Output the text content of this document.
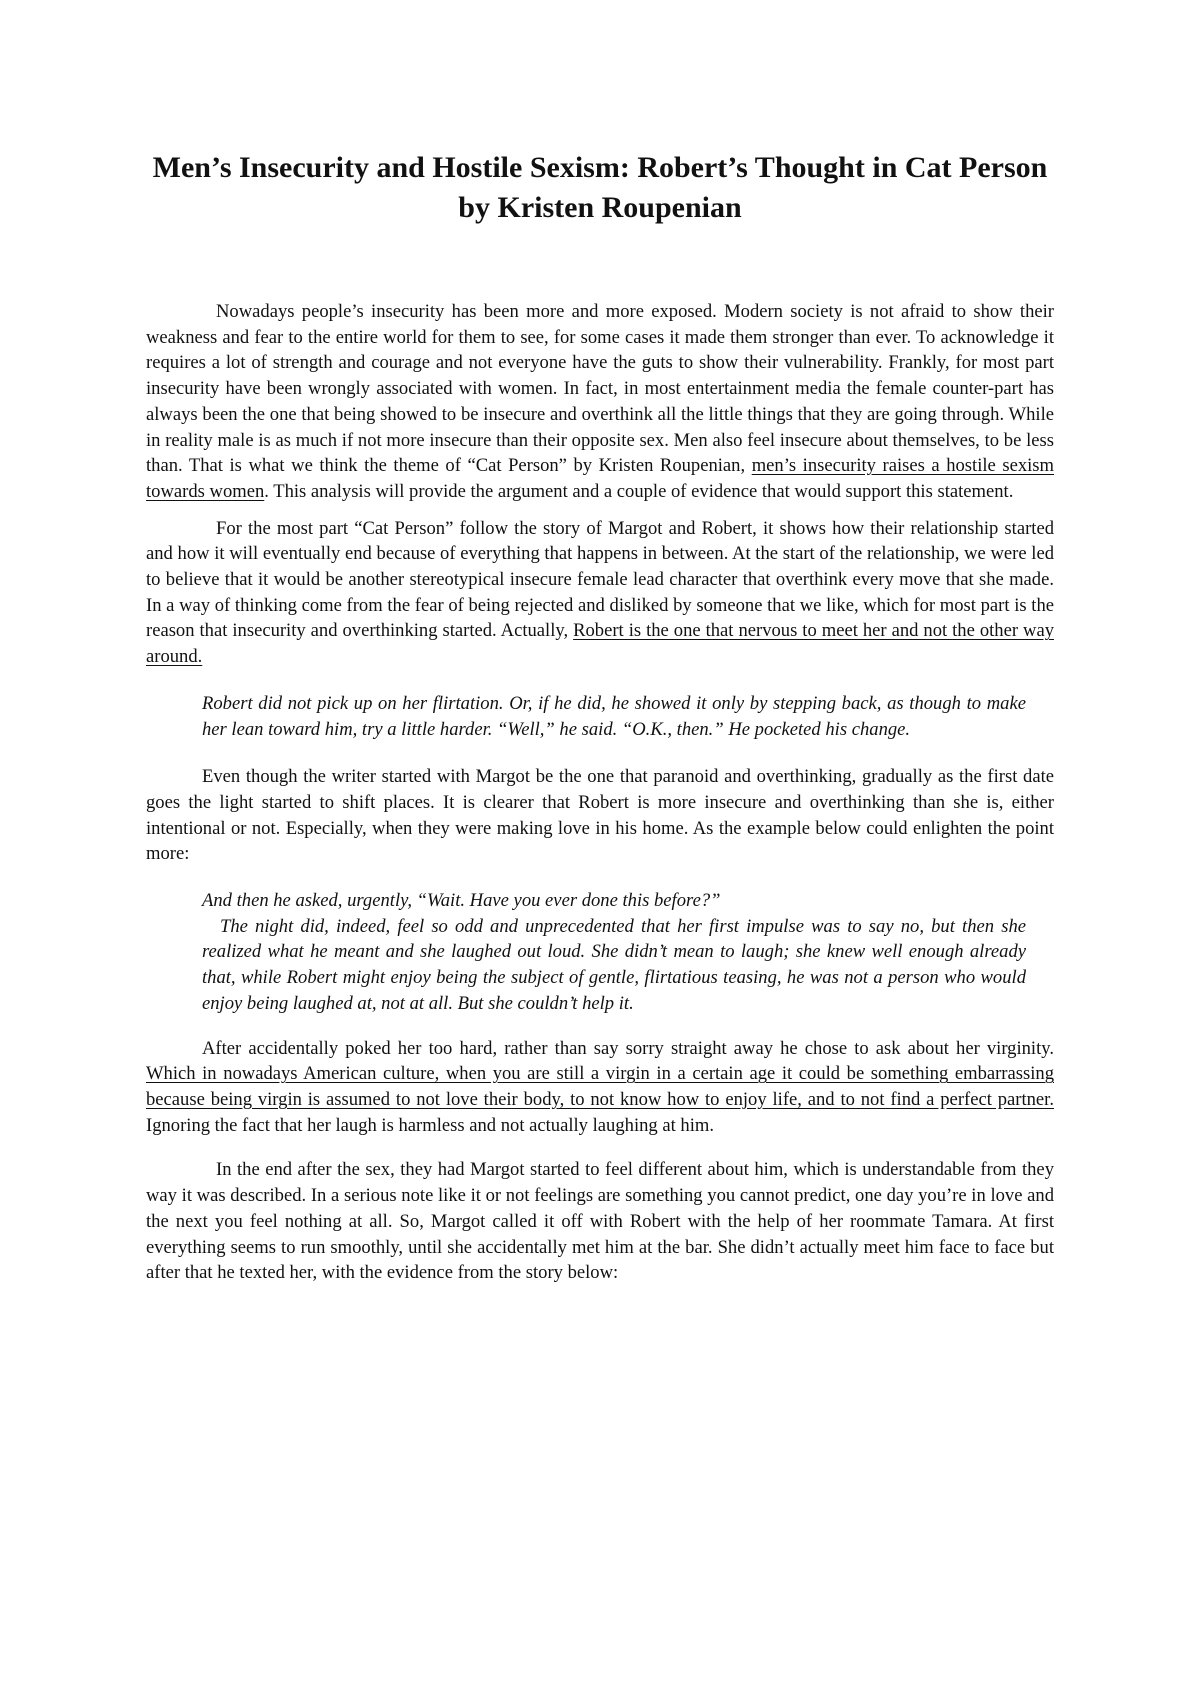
Men’s Insecurity and Hostile Sexism: Robert’s Thought in Cat Person by Kristen Roupenian

Nowadays people’s insecurity has been more and more exposed. Modern society is not afraid to show their weakness and fear to the entire world for them to see, for some cases it made them stronger than ever. To acknowledge it requires a lot of strength and courage and not everyone have the guts to show their vulnerability. Frankly, for most part insecurity have been wrongly associated with women. In fact, in most entertainment media the female counter-part has always been the one that being showed to be insecure and overthink all the little things that they are going through. While in reality male is as much if not more insecure than their opposite sex. Men also feel insecure about themselves, to be less than. That is what we think the theme of “Cat Person” by Kristen Roupenian, men’s insecurity raises a hostile sexism towards women. This analysis will provide the argument and a couple of evidence that would support this statement.

For the most part “Cat Person” follow the story of Margot and Robert, it shows how their relationship started and how it will eventually end because of everything that happens in between. At the start of the relationship, we were led to believe that it would be another stereotypical insecure female lead character that overthink every move that she made. In a way of thinking come from the fear of being rejected and disliked by someone that we like, which for most part is the reason that insecurity and overthinking started. Actually, Robert is the one that nervous to meet her and not the other way around.

Robert did not pick up on her flirtation. Or, if he did, he showed it only by stepping back, as though to make her lean toward him, try a little harder. “Well,” he said. “O.K., then.” He pocketed his change.

Even though the writer started with Margot be the one that paranoid and overthinking, gradually as the first date goes the light started to shift places. It is clearer that Robert is more insecure and overthinking than she is, either intentional or not. Especially, when they were making love in his home. As the example below could enlighten the point more:

And then he asked, urgently, “Wait. Have you ever done this before?”
The night did, indeed, feel so odd and unprecedented that her first impulse was to say no, but then she realized what he meant and she laughed out loud. She didn’t mean to laugh; she knew well enough already that, while Robert might enjoy being the subject of gentle, flirtatious teasing, he was not a person who would enjoy being laughed at, not at all. But she couldn’t help it.

After accidentally poked her too hard, rather than say sorry straight away he chose to ask about her virginity. Which in nowadays American culture, when you are still a virgin in a certain age it could be something embarrassing because being virgin is assumed to not love their body, to not know how to enjoy life, and to not find a perfect partner. Ignoring the fact that her laugh is harmless and not actually laughing at him.

In the end after the sex, they had Margot started to feel different about him, which is understandable from they way it was described. In a serious note like it or not feelings are something you cannot predict, one day you’re in love and the next you feel nothing at all. So, Margot called it off with Robert with the help of her roommate Tamara. At first everything seems to run smoothly, until she accidentally met him at the bar. She didn’t actually meet him face to face but after that he texted her, with the evidence from the story below:
